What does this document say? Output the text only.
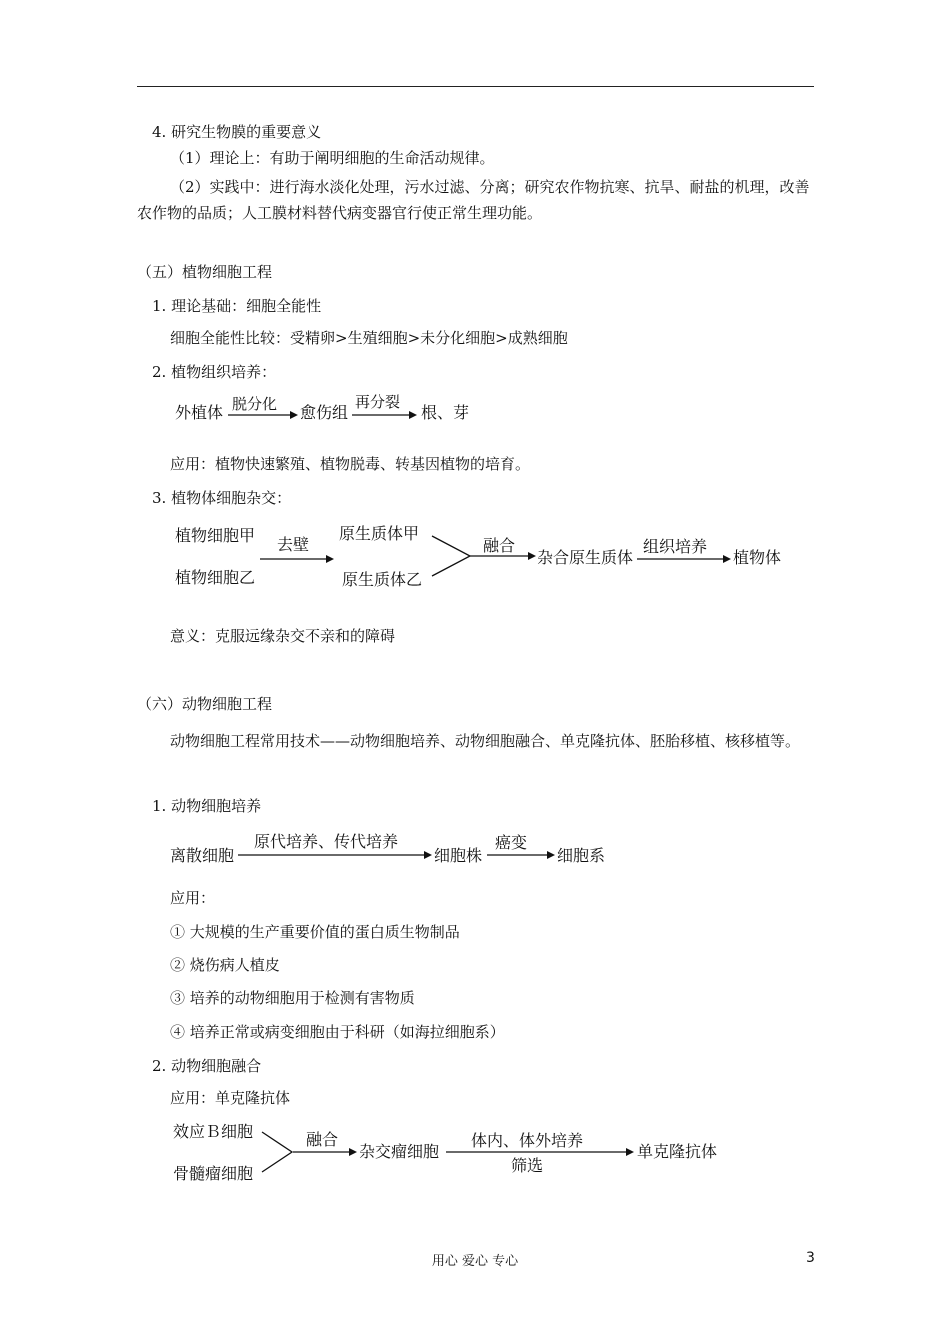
4. 研究生物膜的重要意义
（1）理论上：有助于阐明细胞的生命活动规律。
（2）实践中：进行海水淡化处理，污水过滤、分离；研究农作物抗寒、抗旱、耐盐的机理，改善农作物的品质；人工膜材料替代病变器官行使正常生理功能。
（五）植物细胞工程
1. 理论基础：细胞全能性
细胞全能性比较：受精卵>生殖细胞>未分化细胞>成熟细胞
2. 植物组织培养：
外植体 脱分化 愈伤组
再分裂
根、芽
应用：植物快速繁殖、植物脱毒、转基因植物的培育。
3. 植物体细胞杂交：
植物细胞甲
植物细胞乙
去壁
原生质体甲
原生质体乙
融合
杂合原生质体
组织培养
植物体
意义：克服远缘杂交不亲和的障碍
（六）动物细胞工程
动物细胞工程常用技术——动物细胞培养、动物细胞融合、单克隆抗体、胚胎移植、核移植等。
1. 动物细胞培养
离散细胞
原代培养、传代培养
细胞株
癌变
细胞系
应用：
① 大规模的生产重要价值的蛋白质生物制品
② 烧伤病人植皮
③ 培养的动物细胞用于检测有害物质
④ 培养正常或病变细胞由于科研（如海拉细胞系）
2. 动物细胞融合
应用：单克隆抗体
效应Ｂ细胞
骨髓瘤细胞
融合
杂交瘤细胞
体内、体外培养
筛选
单克隆抗体
用心 爱心 专心	3
